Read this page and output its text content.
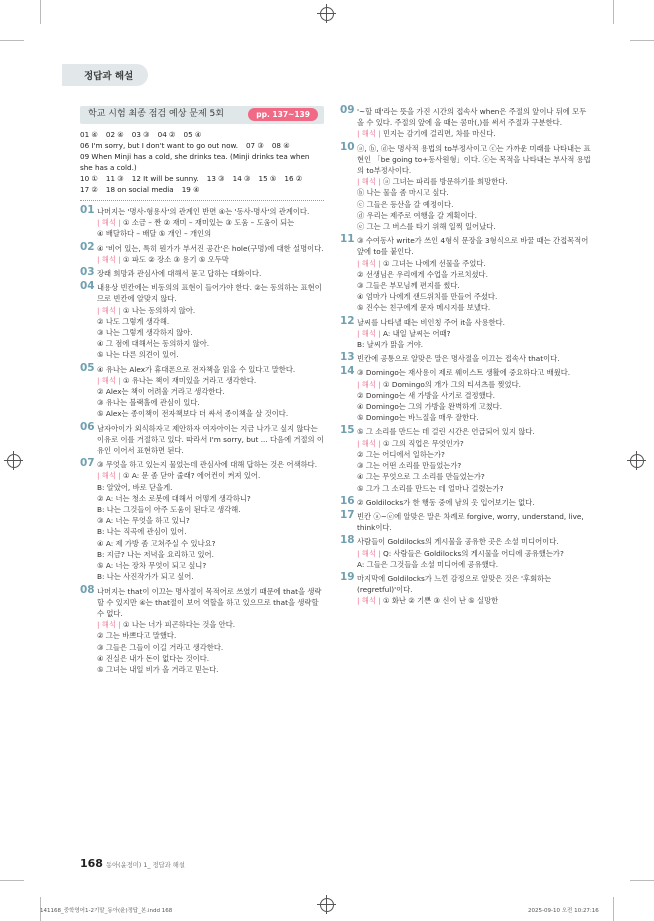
정답과 해설
학교 시험 최종 점검 예상 문제 5회	pp. 137~139
01 ④ 02 ④ 03 ③ 04 ② 05 ④06 I'm sorry, but I don't want to go out now. 07 ③ 08 ④09 When Minji has a cold, she drinks tea. (Minji drinks tea when she has a cold.)10 ① 11 ③ 12 It will be sunny. 13 ③ 14 ③ 15 ⑤ 16 ②17 ② 18 on social media 19 ④
01 나머지는 '명사-형용사'의 관계인 반면 ④는 '동사-명사'의 관계이다.
| 해석 | ① 소금 – 짠 ② 재미 – 재미있는 ③ 도움 – 도움이 되는
④ 배달하다 – 배달 ⑤ 개인 – 개인의
02 ④ '비어 있는, 특히 뭔가가 부서진 공간'은 hole(구멍)에 대한 설명이다.
| 해석 | ① 파도 ② 장소 ③ 용기 ⑤ 오두막
03 장래 희망과 관심사에 대해서 묻고 답하는 대화이다.
04 내용상 빈칸에는 비동의의 표현이 들어가야 한다. ②는 동의하는 표현이므로 빈칸에 알맞지 않다.
| 해석 | ① 나는 동의하지 않아.
② 나도 그렇게 생각해.
③ 나는 그렇게 생각하지 않아.
④ 그 점에 대해서는 동의하지 않아.
⑤ 나는 다른 의견이 있어.
05 ④ 유나는 Alex가 휴대폰으로 전자책을 읽을 수 있다고 말한다.
| 해석 | ① 유나는 책이 재미있을 거라고 생각한다.
② Alex는 책이 어려울 거라고 생각한다.
③ 유나는 블랙홀에 관심이 있다.
⑤ Alex는 종이책이 전자책보다 더 싸서 종이책을 살 것이다.
06 남자아이가 외식하자고 제안하자 여자아이는 지금 나가고 싶지 않다는 이유로 이를 거절하고 있다. 따라서 I'm sorry, but ... 다음에 거절의 이유인 이어서 표현하면 된다.
07 ③ 무엇을 하고 있는지 물었는데 관심사에 대해 답하는 것은 어색하다.
| 해석 | ① A: 문 좀 닫아 줄래? 에어컨이 켜져 있어.
B: 알았어, 바로 닫을게.
② A: 너는 청소 로봇에 대해서 어떻게 생각하니?
B: 나는 그것들이 아주 도움이 된다고 생각해.
③ A: 너는 무엇을 하고 있니?
B: 나는 직곡에 관심이 있어.
④ A: 제 가방 좀 고쳐주실 수 있나요?
B: 지금? 나는 저녁을 요리하고 있어.
⑤ A: 너는 장차 무엇이 되고 싶니?
B: 나는 사진작가가 되고 싶어.
08 나머지는 that이 이끄는 명사절이 목적어로 쓰였기 때문에 that을 생략할 수 있지만 ④는 that절이 보어 역할을 하고 있으므로 that을 생략할 수 없다.
| 해석 | ① 나는 너가 피곤하다는 것을 안다.
② 그는 바쁘다고 말했다.
③ 그들은 그들이 이길 거라고 생각한다.
④ 진실은 내가 돈이 없다는 것이다.
⑤ 그녀는 내일 비가 올 거라고 믿는다.
09 '~할 때'라는 뜻을 가진 시간의 접속사 when은 주절의 앞이나 뒤에 모두 올 수 있다. 주절의 앞에 올 때는 콤마(,)를 써서 주절과 구분한다.
| 해석 | 민지는 감기에 걸리면, 차를 마신다.
10 ⓐ, ⓑ, ⓓ는 명사적 용법의 to부정사이고 ⓒ는 가까운 미래를 나타내는 표현인 「be going to+동사원형」이다. ⓔ는 목적을 나타내는 부사적 용법의 to부정사이다.
| 해석 | ⓐ 그녀는 파리를 방문하기를 희망한다.
ⓑ 나는 물을 좀 마시고 싶다.
ⓒ 그들은 등산을 갈 예정이다.
ⓓ 우리는 제주로 여행을 갈 계획이다.
ⓔ 그는 그 버스를 타기 위해 일찍 일어났다.
11 ③ 수여동사 write가 쓰인 4형식 문장을 3형식으로 바꿀 때는 간접목적어 앞에 to를 붙인다.
| 해석 | ① 그녀는 나에게 선물을 주었다.
② 선생님은 우리에게 수업을 가르치셨다.
③ 그들은 부모님께 편지를 썼다.
④ 엄마가 나에게 샌드위치를 만들어 주셨다.
⑤ 진수는 친구에게 문자 메시지를 보냈다.
12 날씨를 나타낼 때는 비인칭 주어 it을 사용한다.
| 해석 | A: 내일 날씨는 어때?
B: 날씨가 맑을 거야.
13 빈칸에 공통으로 알맞은 말은 명사절을 이끄는 접속사 that이다.
14 ③ Domingo는 재사용이 제로 웨이스트 생활에 중요하다고 배웠다.
| 해석 | ① Domingo의 개가 그의 티셔츠를 찢었다.
② Domingo는 새 가방을 사기로 결정했다.
④ Domingo는 그의 가방을 완벽하게 고쳤다.
⑤ Domingo는 바느질을 매우 잘한다.
15 ⑤ 그 소리를 만드는 데 걸린 시간은 언급되어 있지 않다.
| 해석 | ① 그의 직업은 무엇인가?
② 그는 어디에서 일하는가?
③ 그는 어떤 소리를 만들었는가?
④ 그는 무엇으로 그 소리를 만들었는가?
⑤ 그가 그 소리를 만드는 데 얼마나 걸렸는가?
16 ② Goldilocks가 한 행동 중에 남의 옷 입어보기는 없다.
17 빈칸 ⓐ~ⓔ에 알맞은 말은 차례로 forgive, worry, understand, live, think이다.
18 사람들이 Goldilocks의 게시물을 공유한 곳은 소셜 미디어이다.
| 해석 | Q: 사람들은 Goldilocks의 게시물을 어디에 공유했는가?
A: 그들은 그것들을 소셜 미디어에 공유했다.
19 마지막에 Goldilocks가 느낀 감정으로 알맞은 것은 '후회하는 (regretful)'이다.
| 해석 | ① 화난 ② 기쁜 ③ 신이 난 ⑤ 실망한
168 동아(윤정미) 1_ 정답과 해설
141168_중학영어1-2기말_동아(윤)정답_본.indd 168	2025-09-10 오전 10:27:16
